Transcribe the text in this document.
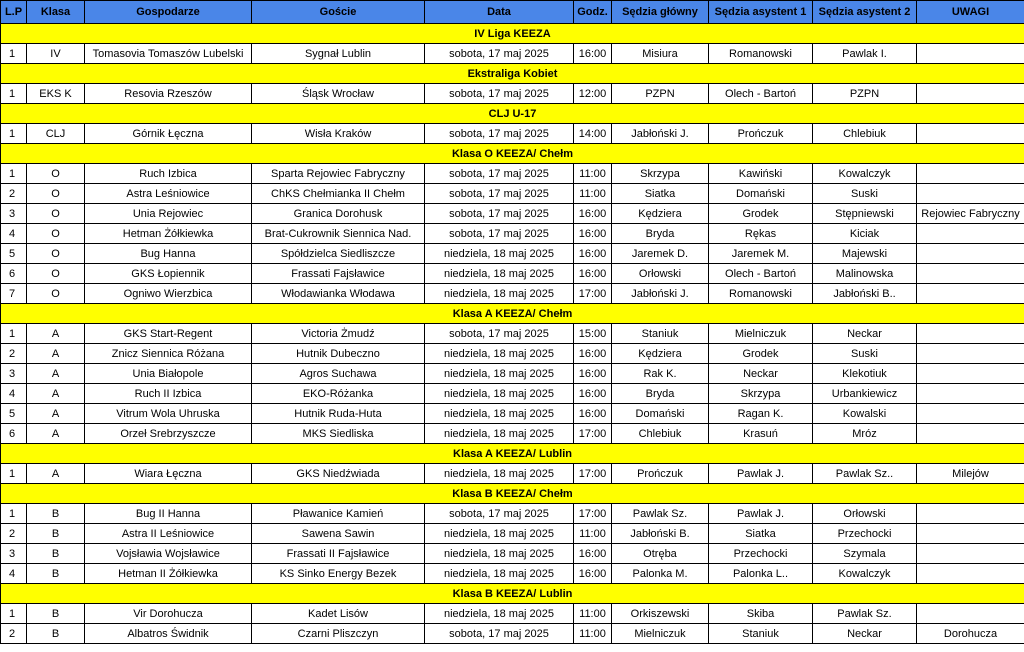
L.P	Klasa	Gospodarze	Goście	Data	Godz.	Sędzia główny	Sędzia asystent 1	Sędzia asystent 2	UWAGI
IV Liga KEEZA									
1	IV	Tomasovia Tomaszów Lubelski	Sygnał Lublin	sobota, 17 maj 2025	16:00	Misiura	Romanowski	Pawlak I.	
Ekstraliga Kobiet									
1	EKS K	Resovia Rzeszów	Śląsk Wrocław	sobota, 17 maj 2025	12:00	PZPN	Olech - Bartoń	PZPN	
CLJ U-17									
1	CLJ	Górnik Łęczna	Wisła Kraków	sobota, 17 maj 2025	14:00	Jabłoński J.	Prończuk	Chlebiuk	
Klasa O KEEZA/ Chełm									
1	O	Ruch Izbica	Sparta Rejowiec Fabryczny	sobota, 17 maj 2025	11:00	Skrzypa	Kawiński	Kowalczyk	
2	O	Astra Leśniowice	ChKS Chełmianka II Chełm	sobota, 17 maj 2025	11:00	Siatka	Domański	Suski	
3	O	Unia Rejowiec	Granica Dorohusk	sobota, 17 maj 2025	16:00	Kędziera	Grodek	Stępniewski	Rejowiec Fabryczny
4	O	Hetman Żółkiewka	Brat-Cukrownik Siennica Nad.	sobota, 17 maj 2025	16:00	Bryda	Rękas	Kiciak	
5	O	Bug Hanna	Spółdzielca Siedliszcze	niedziela, 18 maj 2025	16:00	Jaremek D.	Jaremek M.	Majewski	
6	O	GKS Łopiennik	Frassati Fajsławice	niedziela, 18 maj 2025	16:00	Orłowski	Olech - Bartoń	Malinowska	
7	O	Ogniwo Wierzbica	Włodawianka Włodawa	niedziela, 18 maj 2025	17:00	Jabłoński J.	Romanowski	Jabłoński B..	
Klasa A KEEZA/ Chełm									
1	A	GKS Start-Regent	Victoria Żmudź	sobota, 17 maj 2025	15:00	Staniuk	Mielniczuk	Neckar	
2	A	Znicz Siennica Różana	Hutnik Dubeczno	niedziela, 18 maj 2025	16:00	Kędziera	Grodek	Suski	
3	A	Unia Białopole	Agros Suchawa	niedziela, 18 maj 2025	16:00	Rak K.	Neckar	Klekotiuk	
4	A	Ruch II Izbica	EKO-Różanka	niedziela, 18 maj 2025	16:00	Bryda	Skrzypa	Urbankiewicz	
5	A	Vitrum Wola Uhruska	Hutnik Ruda-Huta	niedziela, 18 maj 2025	16:00	Domański	Ragan K.	Kowalski	
6	A	Orzeł Srebrzyszcze	MKS Siedliska	niedziela, 18 maj 2025	17:00	Chlebiuk	Krasuń	Mróz	
Klasa A KEEZA/ Lublin									
1	A	Wiara Łęczna	GKS Niedźwiada	niedziela, 18 maj 2025	17:00	Prończuk	Pawlak J.	Pawlak Sz..	Milejów
Klasa B KEEZA/ Chełm									
1	B	Bug II Hanna	Pławanice Kamień	sobota, 17 maj 2025	17:00	Pawlak Sz.	Pawlak J.	Orłowski	
2	B	Astra II Leśniowice	Sawena Sawin	niedziela, 18 maj 2025	11:00	Jabłoński B.	Siatka	Przechocki	
3	B	Vojsławia Wojsławice	Frassati II Fajsławice	niedziela, 18 maj 2025	16:00	Otręba	Przechocki	Szymala	
4	B	Hetman II Żółkiewka	KS Sinko Energy Bezek	niedziela, 18 maj 2025	16:00	Palonka M.	Palonka L..	Kowalczyk	
Klasa B KEEZA/ Lublin									
1	B	Vir Dorohucza	Kadet Lisów	niedziela, 18 maj 2025	11:00	Orkiszewski	Skiba	Pawlak Sz.	
2	B	Albatros Świdnik	Czarni Pliszczyn	sobota, 17 maj 2025	11:00	Mielniczuk	Staniuk	Neckar	Dorohucza
